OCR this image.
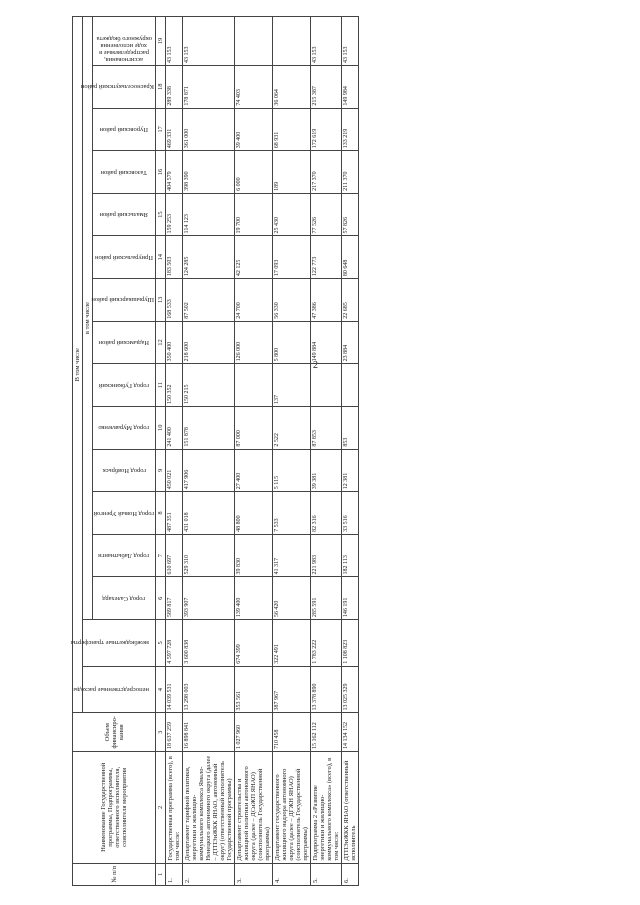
2
№ п/п	Наименование Государственной программы, Подпрограммы, ответственного исполнителя, соисполнителя мероприятия	Объем финансиро-вания	В том числе															

			непосредственные расходы	межбюджетные трансферты	в том числе													

					город Салехард	город Лабытнанги	город Новый Уренгой	город Ноябрьск	город Муравленко	город Губкинский	Надымский район	Шурышкарский район	Приуральский район	Ямальский район	Тазовский район	Пуровский район	Красноселькупский район	ассигнования, распределяемые в ходе исполнения окружного бюджета

1	2	3	4	5	6	7	8	9	10	11	12	13	14	15	16	17	18	19
1.	Государственная программа (всего), в том числе:	18 637 259	14 039 531	4 597 728	589 817	610 697	487 351	450 021	241 400	150 352	350 400	168 533	183 503	159 253	404 579	469 331	289 338	43 153
2.	Департамент тарифной политики, энергетики и жилищно-коммунального комплекса Ямало-Ненецкого автономного округа (далее – ДТПЭиЖКК ЯНАО, автономный округ) (ответственный исполнитель Государственной программы)	16 898 841	13 298 003	3 600 838	393 907	529 310	431 018	417 906	151 878	150 215	218 600	87 502	124 285	114 123	398 390	361 000	178 871	43 153
3.	Департамент строительства и жилищной политики автономного округа (далее – ДСиЖП ЯНАО) (соисполнитель Государственной программы)	1 027 960	353 561	674 399	139 400	39 830	48 800	27 400	87 000		126 000	24 700	42 125	19 700	6 000	39 400	74 403	
4.	Департамент государственного жилищного надзора автономного округа (далее – ДГЖН ЯНАО) (соисполнитель Государственной программы)	710 458	387 967	322 491	56 420	41 317	7 533	5 115	2 522	137	5 800	56 330	17 093	25 430	189	68 931	36 064	
5.	Подпрограмма 2 «Развитие энергетики и жилищно-коммунального комплекса» (всего), в том числе:	15 162 112	13 378 890	1 783 222	285 591	221 983	82 316	39 381	87 853		149 884	47 386	122 773	77 526	217 370	172 619	215 387	43 153
6.	ДТПЭиЖКК ЯНАО (ответственный исполнитель	14 134 152	13 025 329	1 108 823	146 191	182 113	33 516	12 381	853		23 884	22 685	80 648	57 826	211 370	133 219	149 984	43 153
